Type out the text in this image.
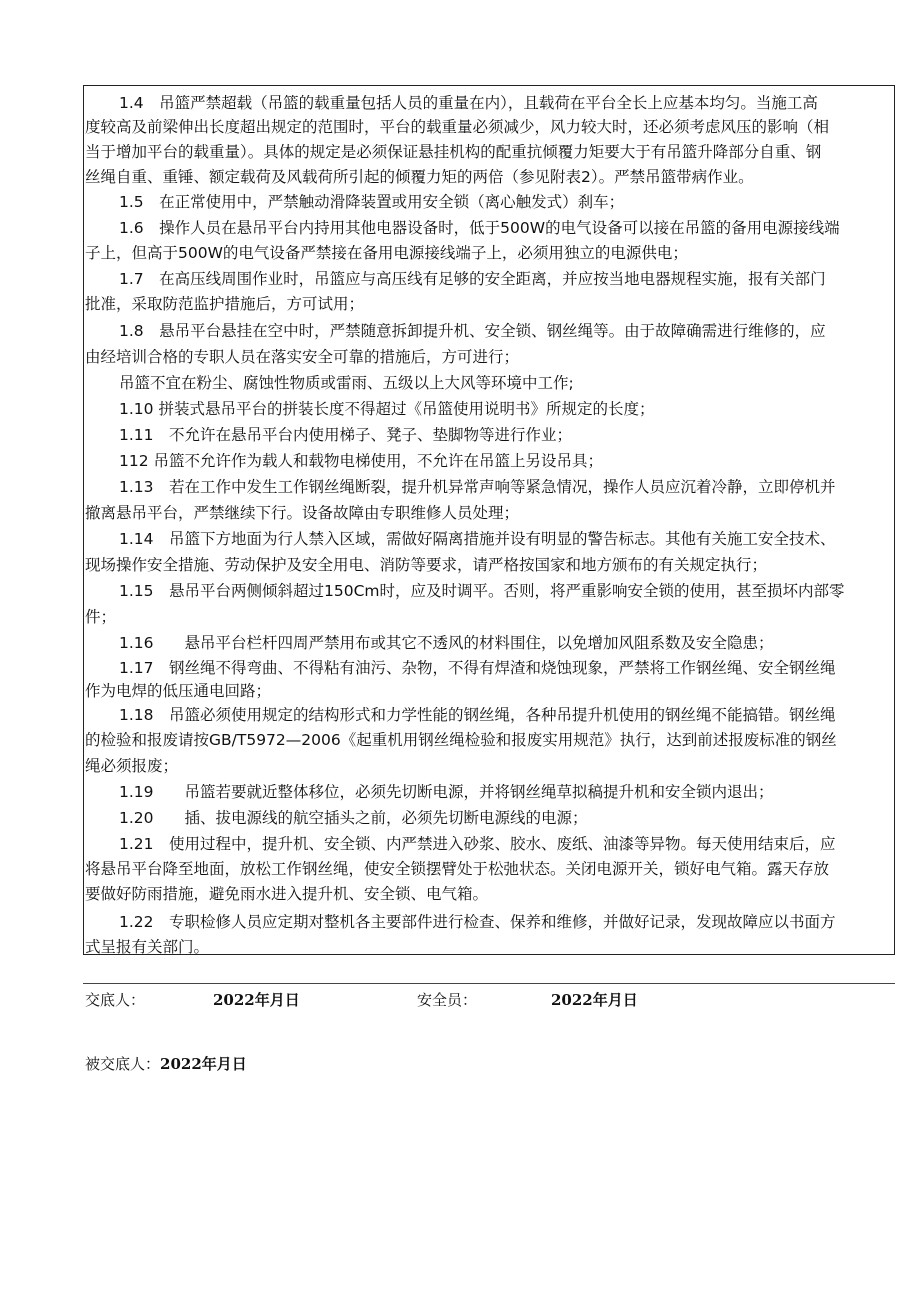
1.4　吊篮严禁超载（吊篮的载重量包括人员的重量在内），且载荷在平台全长上应基本均匀。当施工高
度较高及前梁伸出长度超出规定的范围时，平台的载重量必须减少，风力较大时，还必须考虑风压的影响（相
当于增加平台的载重量）。具体的规定是必须保证悬挂机构的配重抗倾覆力矩要大于有吊篮升降部分自重、钢
丝绳自重、重锤、额定载荷及风载荷所引起的倾覆力矩的两倍（参见附表2）。严禁吊篮带病作业。
1.5　在正常使用中，严禁触动滑降装置或用安全锁（离心触发式）刹车；
1.6　操作人员在悬吊平台内持用其他电器设备时，低于500W的电气设备可以接在吊篮的备用电源接线端
子上，但高于500W的电气设备严禁接在备用电源接线端子上，必须用独立的电源供电；
1.7　在高压线周围作业时，吊篮应与高压线有足够的安全距离，并应按当地电器规程实施，报有关部门
批准，采取防范监护措施后，方可试用；
1.8　悬吊平台悬挂在空中时，严禁随意拆卸提升机、安全锁、钢丝绳等。由于故障确需进行维修的，应
由经培训合格的专职人员在落实安全可靠的措施后，方可进行；
吊篮不宜在粉尘、腐蚀性物质或雷雨、五级以上大风等环境中工作;
1.10 拼装式悬吊平台的拼装长度不得超过《吊篮使用说明书》所规定的长度；
1.11　不允许在悬吊平台内使用梯子、凳子、垫脚物等进行作业；
112 吊篮不允许作为载人和载物电梯使用，不允许在吊篮上另设吊具；
1.13　若在工作中发生工作钢丝绳断裂，提升机异常声响等紧急情况，操作人员应沉着冷静，立即停机并
撤离悬吊平台，严禁继续下行。设备故障由专职维修人员处理；
1.14　吊篮下方地面为行人禁入区域，需做好隔离措施并设有明显的警告标志。其他有关施工安全技术、
现场操作安全措施、劳动保护及安全用电、消防等要求，请严格按国家和地方颁布的有关规定执行；
1.15　悬吊平台两侧倾斜超过150Cm时，应及时调平。否则，将严重影响安全锁的使用，甚至损坏内部零
件；
1.16　　悬吊平台栏杆四周严禁用布或其它不透风的材料围住，以免增加风阻系数及安全隐患；
1.17　钢丝绳不得弯曲、不得粘有油污、杂物，不得有焊渣和烧蚀现象，严禁将工作钢丝绳、安全钢丝绳
作为电焊的低压通电回路；
1.18　吊篮必须使用规定的结构形式和力学性能的钢丝绳，各种吊提升机使用的钢丝绳不能搞错。钢丝绳
的检验和报废请按GB/T5972—2006《起重机用钢丝绳检验和报废实用规范》执行，达到前述报废标准的钢丝
绳必须报废；
1.19　　吊篮若要就近整体移位，必须先切断电源，并将钢丝绳草拟稿提升机和安全锁内退出；
1.20　　插、拔电源线的航空插头之前，必须先切断电源线的电源；
1.21　使用过程中，提升机、安全锁、内严禁进入砂浆、胶水、废纸、油漆等异物。每天使用结束后，应
将悬吊平台降至地面，放松工作钢丝绳，使安全锁摆臂处于松弛状态。关闭电源开关，锁好电气箱。露天存放
要做好防雨措施，避免雨水进入提升机、安全锁、电气箱。
1.22　专职检修人员应定期对整机各主要部件进行检查、保养和维修，并做好记录，发现故障应以书面方
式呈报有关部门。
交底人：	2022年月日	安全员：	2022年月日
被交底人：2022年月日
